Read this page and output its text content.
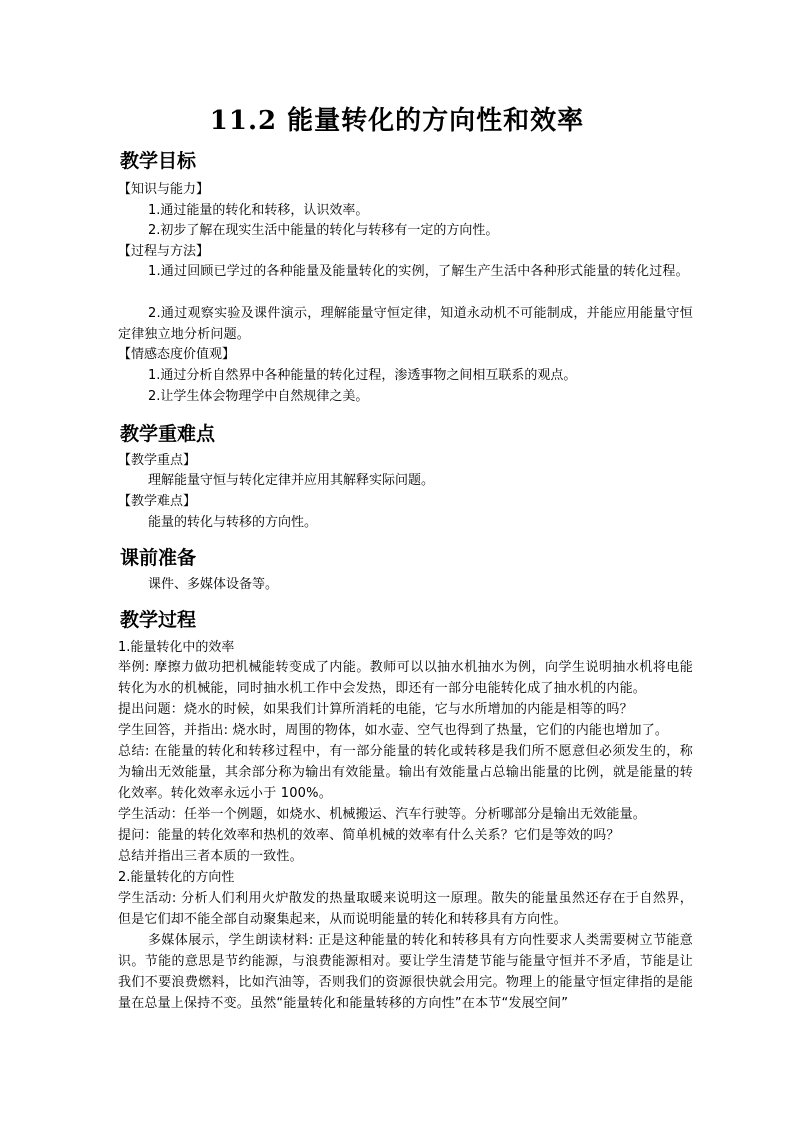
11.2 能量转化的方向性和效率
教学目标

【知识与能力】

1.通过能量的转化和转移，认识效率。

2.初步了解在现实生活中能量的转化与转移有一定的方向性。

【过程与方法】

1.通过回顾已学过的各种能量及能量转化的实例，了解生产生活中各种形式能量的转化过程。

2.通过观察实验及课件演示，理解能量守恒定律，知道永动机不可能制成，并能应用能量守恒定律独立地分析问题。

【情感态度价值观】

1.通过分析自然界中各种能量的转化过程，渗透事物之间相互联系的观点。

2.让学生体会物理学中自然规律之美。

教学重难点

【教学重点】

理解能量守恒与转化定律并应用其解释实际问题。

【教学难点】

能量的转化与转移的方向性。

课前准备

课件、多媒体设备等。

教学过程

1.能量转化中的效率

举例: 摩擦力做功把机械能转变成了内能。教师可以以抽水机抽水为例，向学生说明抽水机将电能转化为水的机械能，同时抽水机工作中会发热，即还有一部分电能转化成了抽水机的内能。

提出问题：烧水的时候，如果我们计算所消耗的电能，它与水所增加的内能是相等的吗？

学生回答，并指出: 烧水时，周围的物体，如水壶、空气也得到了热量，它们的内能也增加了。

总结: 在能量的转化和转移过程中，有一部分能量的转化或转移是我们所不愿意但必须发生的，称为输出无效能量，其余部分称为输出有效能量。输出有效能量占总输出能量的比例，就是能量的转化效率。转化效率永远小于 100%。

学生活动：任举一个例题，如烧水、机械搬运、汽车行驶等。分析哪部分是输出无效能量。

提问：能量的转化效率和热机的效率、简单机械的效率有什么关系？它们是等效的吗？

总结并指出三者本质的一致性。

2.能量转化的方向性

学生活动: 分析人们利用火炉散发的热量取暖来说明这一原理。散失的能量虽然还存在于自然界，但是它们却不能全部自动聚集起来，从而说明能量的转化和转移具有方向性。

多媒体展示，学生朗读材料: 正是这种能量的转化和转移具有方向性要求人类需要树立节能意识。节能的意思是节约能源，与浪费能源相对。要让学生清楚节能与能量守恒并不矛盾，节能是让我们不要浪费燃料，比如汽油等，否则我们的资源很快就会用完。物理上的能量守恒定律指的是能量在总量上保持不变。虽然“能量转化和能量转移的方向性”在本节“发展空间”
